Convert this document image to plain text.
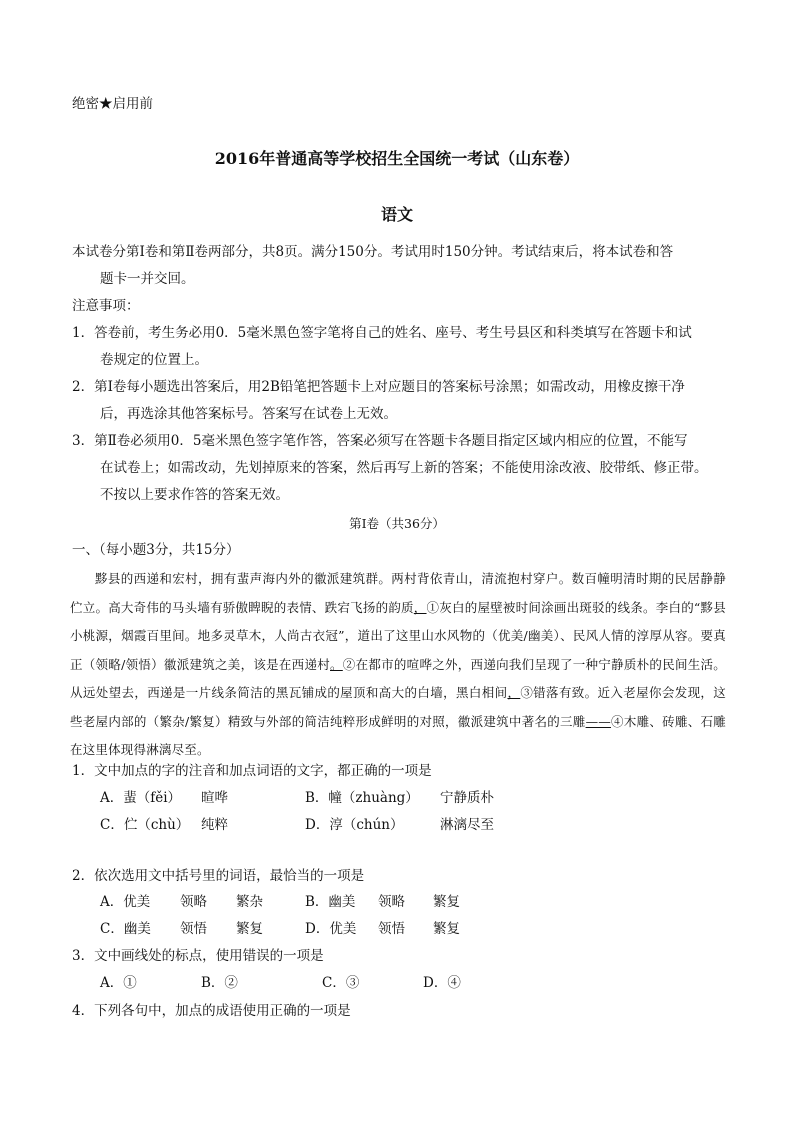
绝密★启用前
2016年普通高等学校招生全国统一考试（山东卷）
语文
本试卷分第Ⅰ卷和第Ⅱ卷两部分，共8页。满分150分。考试用时150分钟。考试结束后，将本试卷和答
题卡一并交回。
注意事项：
1．答卷前，考生务必用0．5毫米黑色签字笔将自己的姓名、座号、考生号县区和科类填写在答题卡和试
卷规定的位置上。
2．第Ⅰ卷每小题选出答案后，用2B铅笔把答题卡上对应题目的答案标号涂黑；如需改动，用橡皮擦干净
后，再选涂其他答案标号。答案写在试卷上无效。
3．第Ⅱ卷必须用0．5毫米黑色签字笔作答，答案必须写在答题卡各题目指定区域内相应的位置，不能写
在试卷上；如需改动，先划掉原来的答案，然后再写上新的答案；不能使用涂改液、胶带纸、修正带。
不按以上要求作答的答案无效。
第Ⅰ卷（共36分）
一、（每小题3分，共15分）

黟县的西递和宏村，拥有蜚声海内外的徽派建筑群。两村背依青山，清流抱村穿户。数百幢明清时期的民居静静伫立。高大奇伟的马头墙有骄傲睥睨的表情、跌宕飞扬的韵质，①灰白的屋壁被时间涂画出斑驳的线条。李白的“黟县小桃源，烟霞百里间。地多灵草木，人尚古衣冠”，道出了这里山水风物的（优美/幽美）、民风人情的淳厚从容。要真正（领略/领悟）徽派建筑之美，该是在西递村。②在都市的喧哗之外，西递向我们呈现了一种宁静质朴的民间生活。从远处望去，西递是一片线条简洁的黑瓦铺成的屋顶和高大的白墙，黑白相间，③错落有致。近入老屋你会发现，这些老屋内部的（繁杂/繁复）精致与外部的简洁纯粹形成鲜明的对照，徽派建筑中著名的三雕——④木雕、砖雕、石雕在这里体现得淋漓尽至。

1．文中加点的字的注音和加点词语的文字，都正确的一项是
A．蜚（fěi） 暄哗	B．幢（zhuàng） 宁静质朴
C．伫（chù） 纯粹	D．淳（chún）	淋漓尽至
2．依次选用文中括号里的词语，最恰当的一项是
A．优美 领略 繁杂	B．幽美 领略 繁复
C．幽美 领悟 繁复	D．优美 领悟 繁复
3．文中画线处的标点，使用错误的一项是
A．①	B．②	C．③	D．④
4．下列各句中，加点的成语使用正确的一项是
